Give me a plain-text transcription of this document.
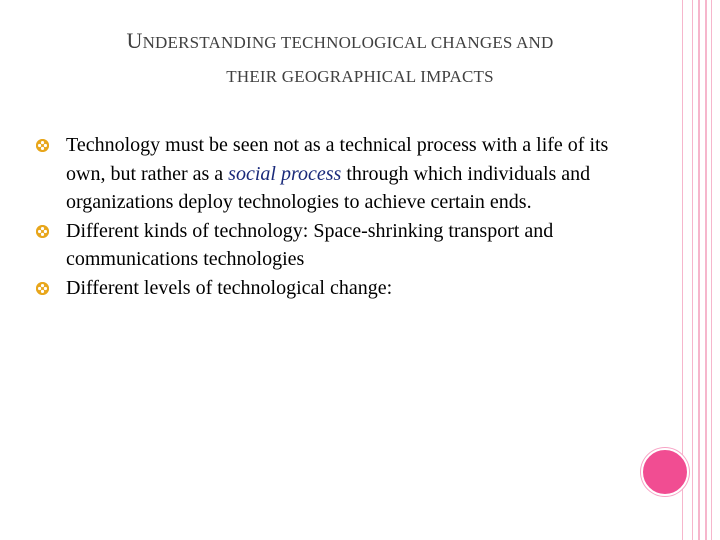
UNDERSTANDING TECHNOLOGICAL CHANGES AND
THEIR GEOGRAPHICAL IMPACTS

Technology must be seen not as a technical process with a life of its own, but rather as a social process through which individuals and organizations deploy technologies to achieve certain ends.

Different kinds of technology: Space-shrinking transport and communications technologies

Different levels of technological change:
